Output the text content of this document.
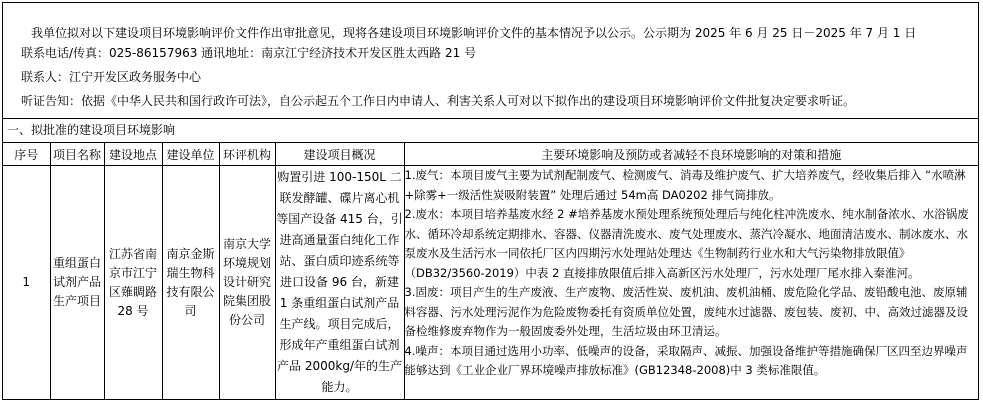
我单位拟对以下建设项目环境影响评价文件作出审批意见，现将各建设项目环境影响评价文件的基本情况予以公示。公示期为 2025 年 6 月 25 日－2025 年 7 月 1 日
联系电话/传真：025-86157963 通讯地址：南京江宁经济技术开发区胜太西路 21 号
联系人：江宁开发区政务服务中心
听证告知：依据《中华人民共和国行政许可法》，自公示起五个工作日内申请人、利害关系人可对以下拟作出的建设项目环境影响评价文件批复决定要求听证。
一、拟批准的建设项目环境影响
序号	项目名称	建设地点	建设单位	环评机构	建设项目概况	主要环境影响及预防或者减轻不良环境影响的对策和措施
1	重组蛋白试剂产品生产项目	江苏省南京市江宁区薙睭路28 号	南京金斯瑞生物科技有限公司	南京大学环境规划设计研究院集团股份公司	购置引进 100-150L 二联发酵罐、碟片离心机等国产设备 415 台，引进高通量蛋白纯化工作站、蛋白质印迹系统等进口设备 96 台，新建 1 条重组蛋白试剂产品生产线。项目完成后，形成年产重组蛋白试剂产品 2000kg/年的生产能力。	1.废气：本项目废气主要为试剂配制废气、检测废气、消毒及维护废气、扩大培养废气，经收集后排入 “水喷淋+除雾+一级活性炭吸附装置” 处理后通过 54m高 DA0202 排气筒排放。
2.废水：本项目培养基废水经 2 #培养基废水预处理系统预处理后与纯化柱冲洗废水、纯水制备浓水、水浴锅废水、循环冷却系统定期排水、容器、仪器清洗废水、废气处理废水、蒸汽冷凝水、地面清洁废水、制冰废水、水泵废水及生活污水一同依托厂区内四期污水处理站处理达《生物制药行业水和大气污染物排放限值》（DB32/3560-2019）中表 2 直接排放限值后排入高新区污水处理厂，污水处理厂尾水排入秦淮河。
3.固废：项目产生的生产废液、生产废物、废活性炭、废机油、废机油桶、废危险化学品、废铅酸电池、废原辅料容器、污水处理污泥作为危险废物委托有资质单位处置，废纯水过滤器、废包装、废初、中、高效过滤器及设备检维修废弃物作为一般固废委外处理，生活垃圾由环卫清运。
4.噪声：本项目通过选用小功率、低噪声的设备，采取隔声、减振、加强设备维护等措施确保厂区四至边界噪声能够达到《工业企业厂界环境噪声排放标准》(GB12348-2008)中 3 类标准限值。
